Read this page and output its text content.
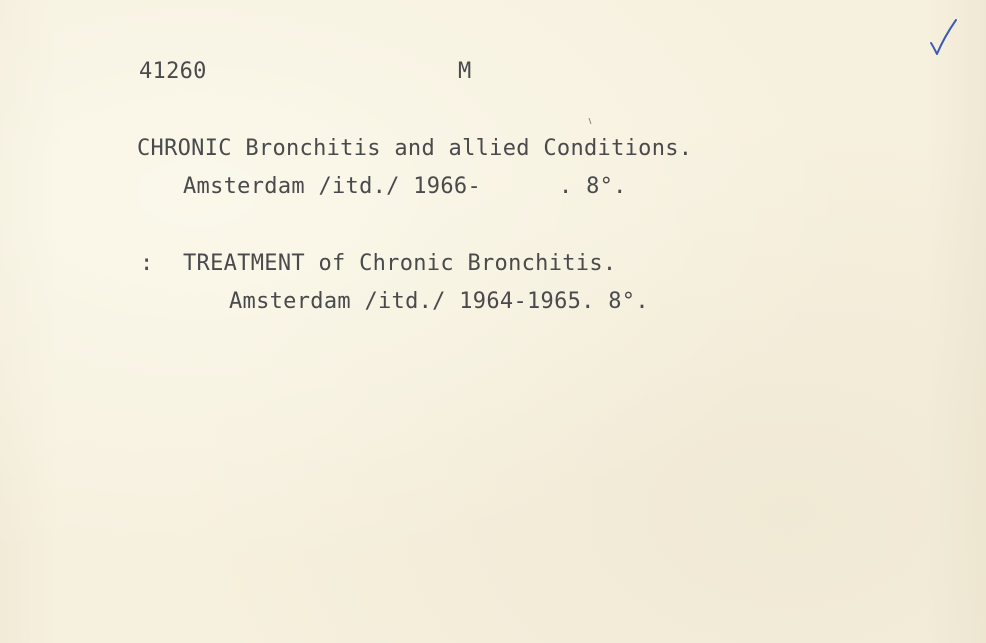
41260	M
CHRONIC Bronchitis and allied Conditions.
Amsterdam /itd./ 1966-	. 8°.
: TREATMENT of Chronic Bronchitis.
Amsterdam /itd./ 1964-1965. 8°.
